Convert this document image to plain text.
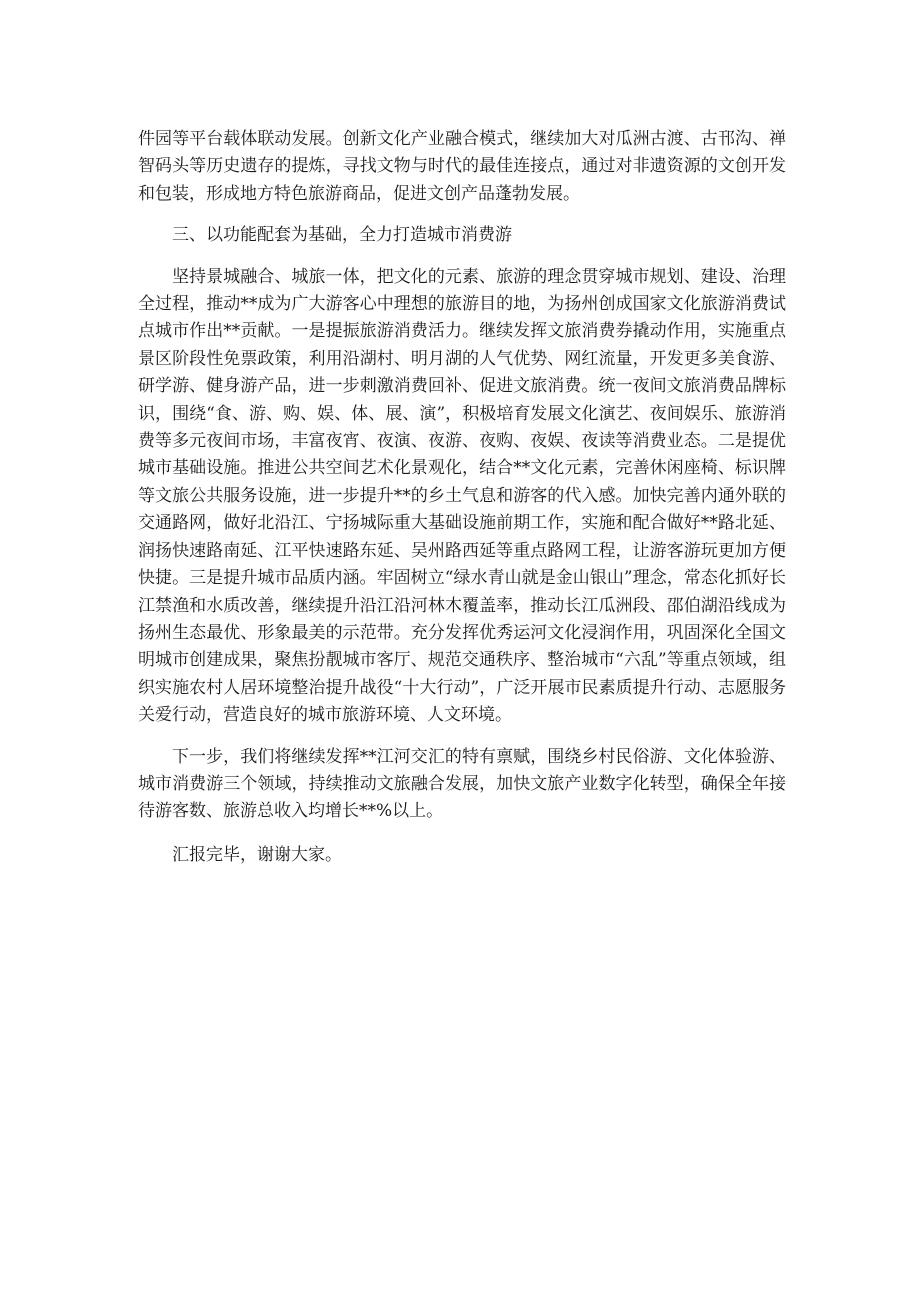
件园等平台载体联动发展。创新文化产业融合模式，继续加大对瓜洲古渡、古邗沟、禅智码头等历史遗存的提炼，寻找文物与时代的最佳连接点，通过对非遗资源的文创开发和包装，形成地方特色旅游商品，促进文创产品蓬勃发展。

三、以功能配套为基础，全力打造城市消费游

坚持景城融合、城旅一体，把文化的元素、旅游的理念贯穿城市规划、建设、治理全过程，推动**成为广大游客心中理想的旅游目的地，为扬州创成国家文化旅游消费试点城市作出**贡献。一是提振旅游消费活力。继续发挥文旅消费券撬动作用，实施重点景区阶段性免票政策，利用沿湖村、明月湖的人气优势、网红流量，开发更多美食游、研学游、健身游产品，进一步刺激消费回补、促进文旅消费。统一夜间文旅消费品牌标识，围绕“食、游、购、娱、体、展、演”，积极培育发展文化演艺、夜间娱乐、旅游消费等多元夜间市场，丰富夜宵、夜演、夜游、夜购、夜娱、夜读等消费业态。二是提优城市基础设施。推进公共空间艺术化景观化，结合**文化元素，完善休闲座椅、标识牌等文旅公共服务设施，进一步提升**的乡土气息和游客的代入感。加快完善内通外联的交通路网，做好北沿江、宁扬城际重大基础设施前期工作，实施和配合做好**路北延、润扬快速路南延、江平快速路东延、吴州路西延等重点路网工程，让游客游玩更加方便快捷。三是提升城市品质内涵。牢固树立“绿水青山就是金山银山”理念，常态化抓好长江禁渔和水质改善，继续提升沿江沿河林木覆盖率，推动长江瓜洲段、邵伯湖沿线成为扬州生态最优、形象最美的示范带。充分发挥优秀运河文化浸润作用，巩固深化全国文明城市创建成果，聚焦扮靓城市客厅、规范交通秩序、整治城市“六乱”等重点领域，组织实施农村人居环境整治提升战役“十大行动”，广泛开展市民素质提升行动、志愿服务关爱行动，营造良好的城市旅游环境、人文环境。

下一步，我们将继续发挥**江河交汇的特有禀赋，围绕乡村民俗游、文化体验游、城市消费游三个领域，持续推动文旅融合发展，加快文旅产业数字化转型，确保全年接待游客数、旅游总收入均增长**%以上。

汇报完毕，谢谢大家。
